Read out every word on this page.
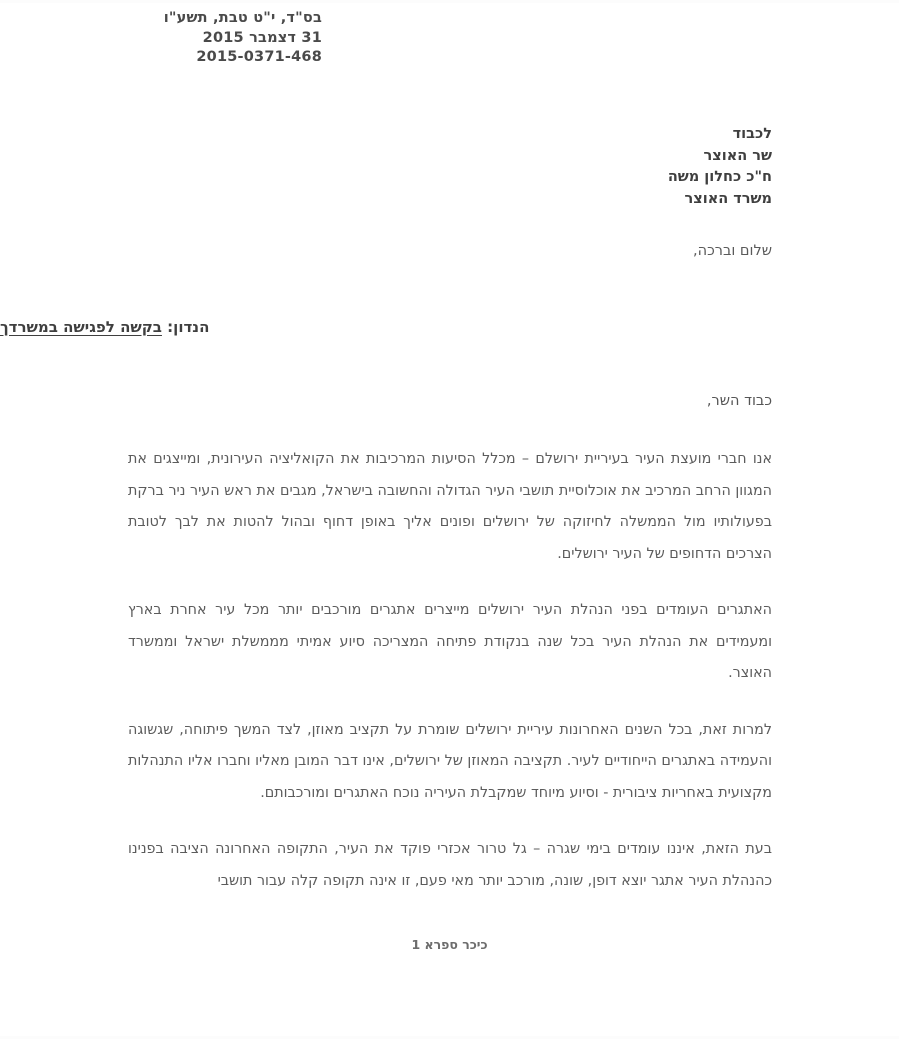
בס"ד, י"ט טבת, תשע"ו
31 דצמבר 2015
2015-0371-468
לכבוד
שר האוצר
ח"כ כחלון משה
משרד האוצר
שלום וברכה,
הנדון: בקשה לפגישה במשרדך
כבוד השר,

אנו חברי מועצת העיר בעיריית ירושלם – מכלל הסיעות המרכיבות את הקואליציה העירונית, ומייצגים את המגוון הרחב המרכיב את אוכלוסיית תושבי העיר הגדולה והחשובה בישראל, מגבים את ראש העיר ניר ברקת בפעולותיו מול הממשלה לחיזוקה של ירושלים ופונים אליך באופן דחוף ובהול להטות את לבך לטובת הצרכים הדחופים של העיר ירושלים.

האתגרים העומדים בפני הנהלת העיר ירושלים מייצרים אתגרים מורכבים יותר מכל עיר אחרת בארץ ומעמידים את הנהלת העיר בכל שנה בנקודת פתיחה המצריכה סיוע אמיתי מממשלת ישראל וממשרד האוצר.

למרות זאת, בכל השנים האחרונות עיריית ירושלים שומרת על תקציב מאוזן, לצד המשך פיתוחה, שגשוגה והעמידה באתגרים הייחודיים לעיר. תקציבה המאוזן של ירושלים, אינו דבר המובן מאליו וחברו אליו התנהלות מקצועית באחריות ציבורית - וסיוע מיוחד שמקבלת העיריה נוכח האתגרים ומורכבותם.

בעת הזאת, איננו עומדים בימי שגרה – גל טרור אכזרי פוקד את העיר, התקופה האחרונה הציבה בפנינו כהנהלת העיר אתגר יוצא דופן, שונה, מורכב יותר מאי פעם, זו אינה תקופה קלה עבור תושבי

כיכר ספרא 1
